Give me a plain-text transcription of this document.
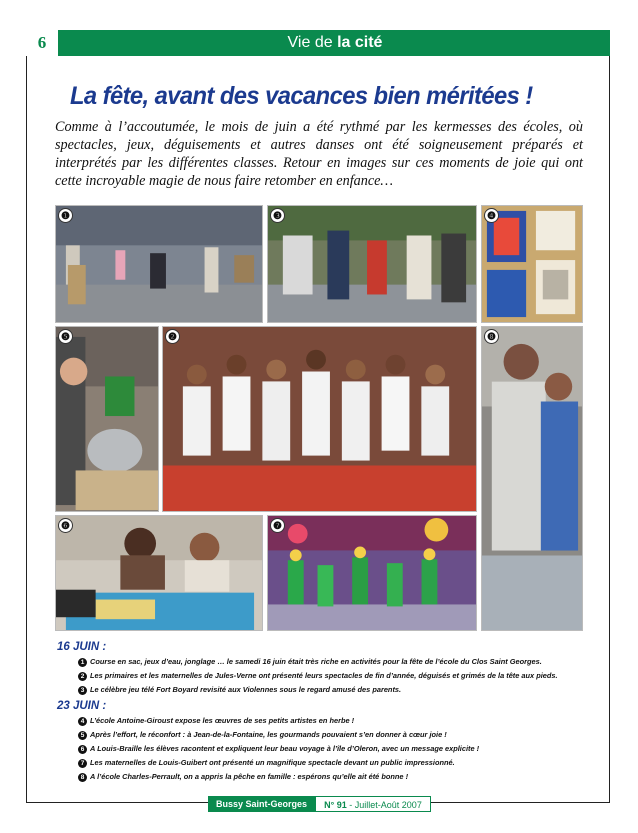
6	Vie de la cité
La fête, avant des vacances bien méritées !
Comme à l’accoutumée, le mois de juin a été rythmé par les kermesses des écoles, où spectacles, jeux, déguisements et autres danses ont été soigneusement préparés et interprétés par les différentes classes. Retour en images sur ces moments de joie qui ont cette incroyable magie de nous faire retomber en enfance…
❶	❸	❹
❺	❷	❽
❻	❼
16 JUIN :
1 Course en sac, jeux d’eau, jonglage … le samedi 16 juin était très riche en activités pour la fête de l’école du Clos Saint Georges.
2 Les primaires et les maternelles de Jules-Verne ont présenté leurs spectacles de fin d’année, déguisés et grimés de la tête aux pieds.
3 Le célèbre jeu télé Fort Boyard revisité aux Violennes sous le regard amusé des parents.
23 JUIN :
4 L’école Antoine-Giroust expose les œuvres de ses petits artistes en herbe !
5 Après l’effort, le réconfort : à Jean-de-la-Fontaine, les gourmands pouvaient s’en donner à cœur joie !
6 A Louis-Braille les élèves racontent et expliquent leur beau voyage à l’île d’Oleron, avec un message explicite !
7 Les maternelles de Louis-Guibert ont présenté un magnifique spectacle devant un public impressionné.
8 A l’école Charles-Perrault, on a appris la pêche en famille : espérons qu’elle ait été bonne !
Bussy Saint-Georges	N° 91 - Juillet-Août 2007
